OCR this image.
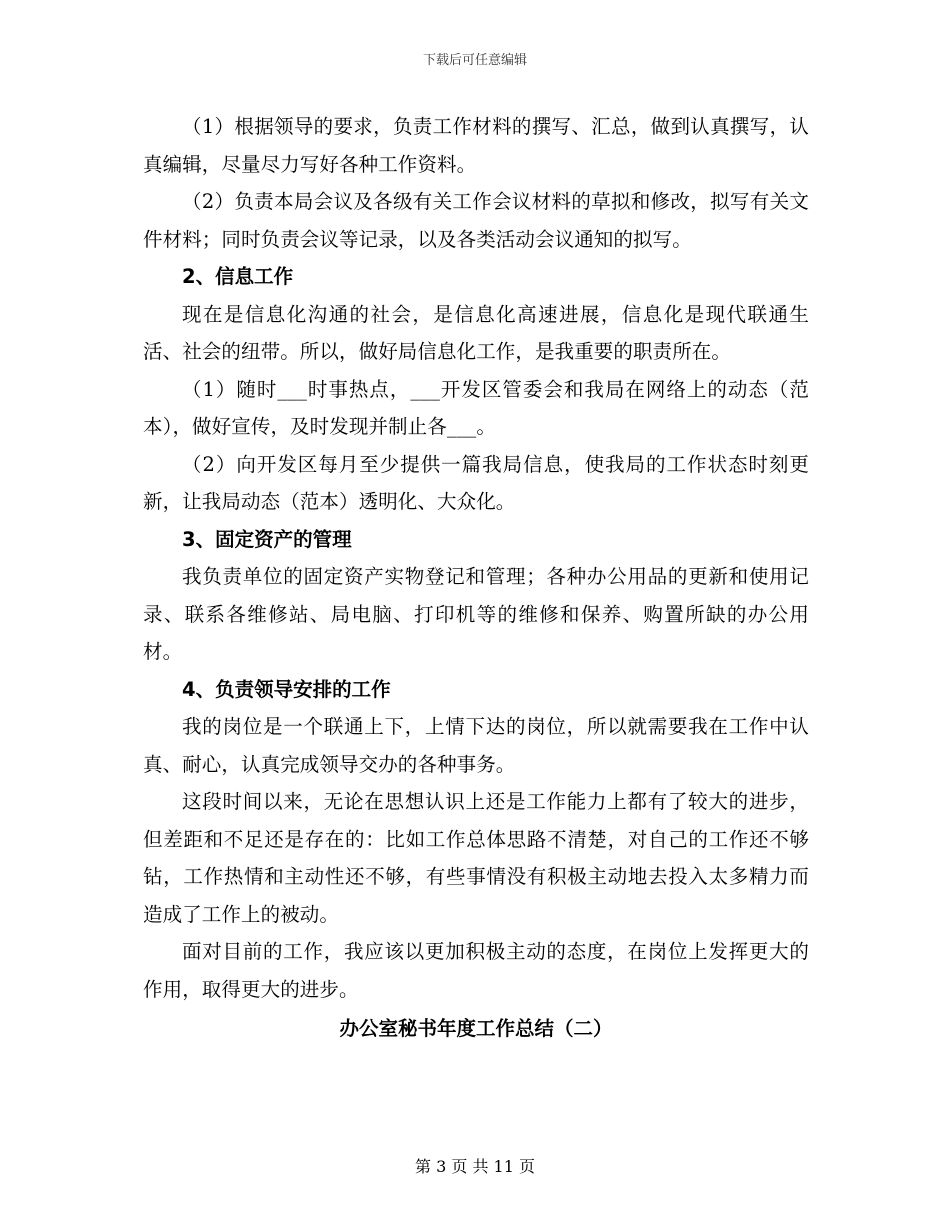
下载后可任意编辑

（1）根据领导的要求，负责工作材料的撰写、汇总，做到认真撰写，认真编辑，尽量尽力写好各种工作资料。

（2）负责本局会议及各级有关工作会议材料的草拟和修改，拟写有关文件材料；同时负责会议等记录，以及各类活动会议通知的拟写。

2、信息工作

现在是信息化沟通的社会，是信息化高速进展，信息化是现代联通生活、社会的纽带。所以，做好局信息化工作，是我重要的职责所在。

（1）随时___时事热点，___开发区管委会和我局在网络上的动态（范本），做好宣传，及时发现并制止各___。

（2）向开发区每月至少提供一篇我局信息，使我局的工作状态时刻更新，让我局动态（范本）透明化、大众化。

3、固定资产的管理

我负责单位的固定资产实物登记和管理；各种办公用品的更新和使用记录、联系各维修站、局电脑、打印机等的维修和保养、购置所缺的办公用材。

4、负责领导安排的工作

我的岗位是一个联通上下，上情下达的岗位，所以就需要我在工作中认真、耐心，认真完成领导交办的各种事务。

这段时间以来，无论在思想认识上还是工作能力上都有了较大的进步，但差距和不足还是存在的：比如工作总体思路不清楚，对自己的工作还不够钻，工作热情和主动性还不够，有些事情没有积极主动地去投入太多精力而造成了工作上的被动。

面对目前的工作，我应该以更加积极主动的态度，在岗位上发挥更大的作用，取得更大的进步。

办公室秘书年度工作总结（二）

第 3 页 共 11 页
